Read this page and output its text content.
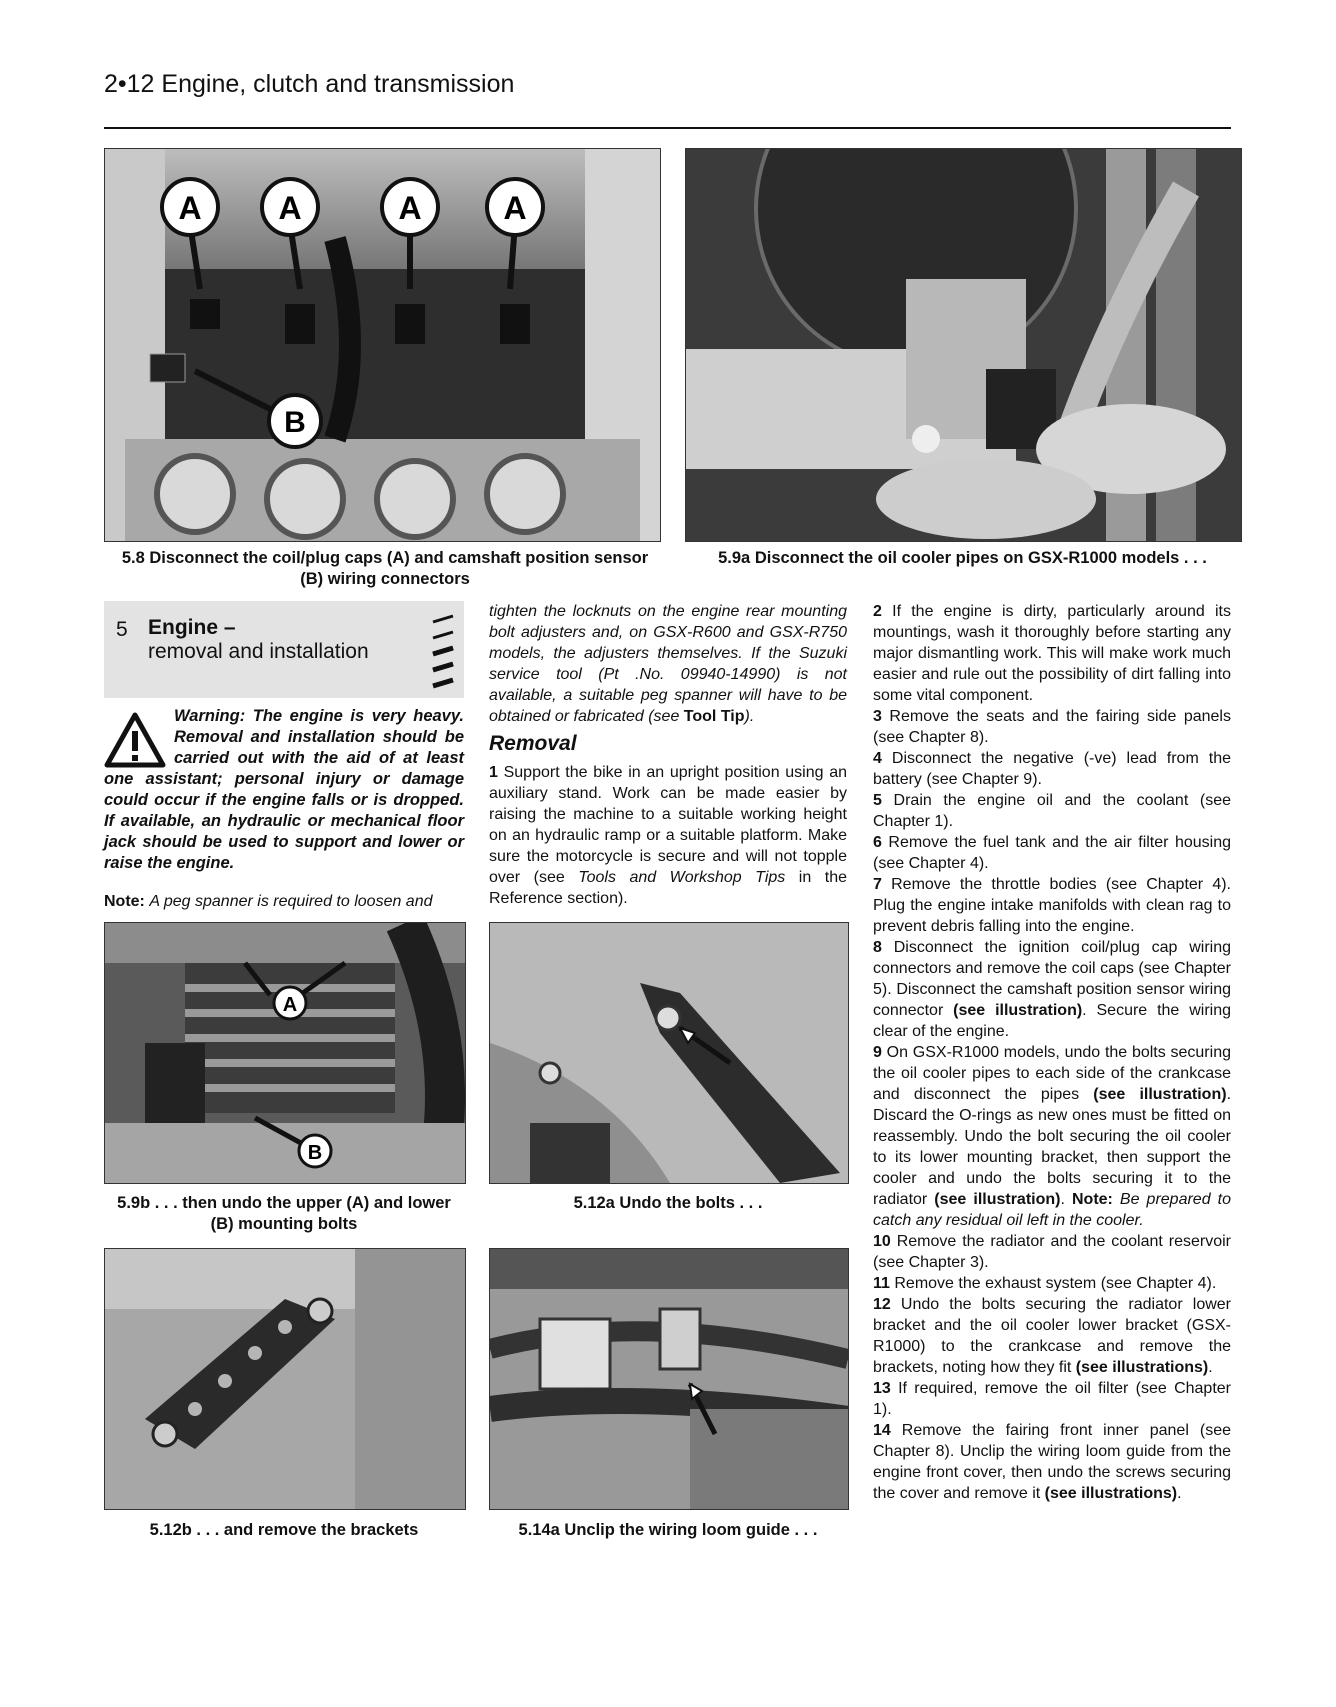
2•12 Engine, clutch and transmission
A A	A	A
B
5.8 Disconnect the coil/plug caps (A) and camshaft position sensor (B) wiring connectors
5.9a Disconnect the oil cooler pipes on GSX-R1000 models . . .
5 Engine –
removal and installation

Warning: The engine is very heavy. Removal and installation should be carried out with the aid of at least one assistant; personal injury or damage could occur if the engine falls or is dropped. If available, an hydraulic or mechanical floor jack should be used to support and lower or raise the engine.

Note: A peg spanner is required to loosen and

tighten the locknuts on the engine rear mounting bolt adjusters and, on GSX-R600 and GSX-R750 models, the adjusters themselves. If the Suzuki service tool (Pt .No. 09940-14990) is not available, a suitable peg spanner will have to be obtained or fabricated (see Tool Tip).

Removal

1 Support the bike in an upright position using an auxiliary stand. Work can be made easier by raising the machine to a suitable working height on an hydraulic ramp or a suitable platform. Make sure the motorcycle is secure and will not topple over (see Tools and Workshop Tips in the Reference section).

A
B
5.9b . . . then undo the upper (A) and lower (B) mounting bolts
5.12a Undo the bolts . . .
5.12b . . . and remove the brackets	5.14a Unclip the wiring loom guide . . .

2 If the engine is dirty, particularly around its mountings, wash it thoroughly before starting any major dismantling work. This will make work much easier and rule out the possibility of dirt falling into some vital component.

3 Remove the seats and the fairing side panels (see Chapter 8).

4 Disconnect the negative (-ve) lead from the battery (see Chapter 9).

5 Drain the engine oil and the coolant (see Chapter 1).

6 Remove the fuel tank and the air filter housing (see Chapter 4).

7 Remove the throttle bodies (see Chapter 4). Plug the engine intake manifolds with clean rag to prevent debris falling into the engine.

8 Disconnect the ignition coil/plug cap wiring connectors and remove the coil caps (see Chapter 5). Disconnect the camshaft position sensor wiring connector (see illustration). Secure the wiring clear of the engine.

9 On GSX-R1000 models, undo the bolts securing the oil cooler pipes to each side of the crankcase and disconnect the pipes (see illustration). Discard the O-rings as new ones must be fitted on reassembly. Undo the bolt securing the oil cooler to its lower mounting bracket, then support the cooler and undo the bolts securing it to the radiator (see illustration). Note: Be prepared to catch any residual oil left in the cooler.

10 Remove the radiator and the coolant reservoir (see Chapter 3).

11 Remove the exhaust system (see Chapter 4).

12 Undo the bolts securing the radiator lower bracket and the oil cooler lower bracket (GSX-R1000) to the crankcase and remove the brackets, noting how they fit (see illustrations).

13 If required, remove the oil filter (see Chapter 1).

14 Remove the fairing front inner panel (see Chapter 8). Unclip the wiring loom guide from the engine front cover, then undo the screws securing the cover and remove it (see illustrations).
